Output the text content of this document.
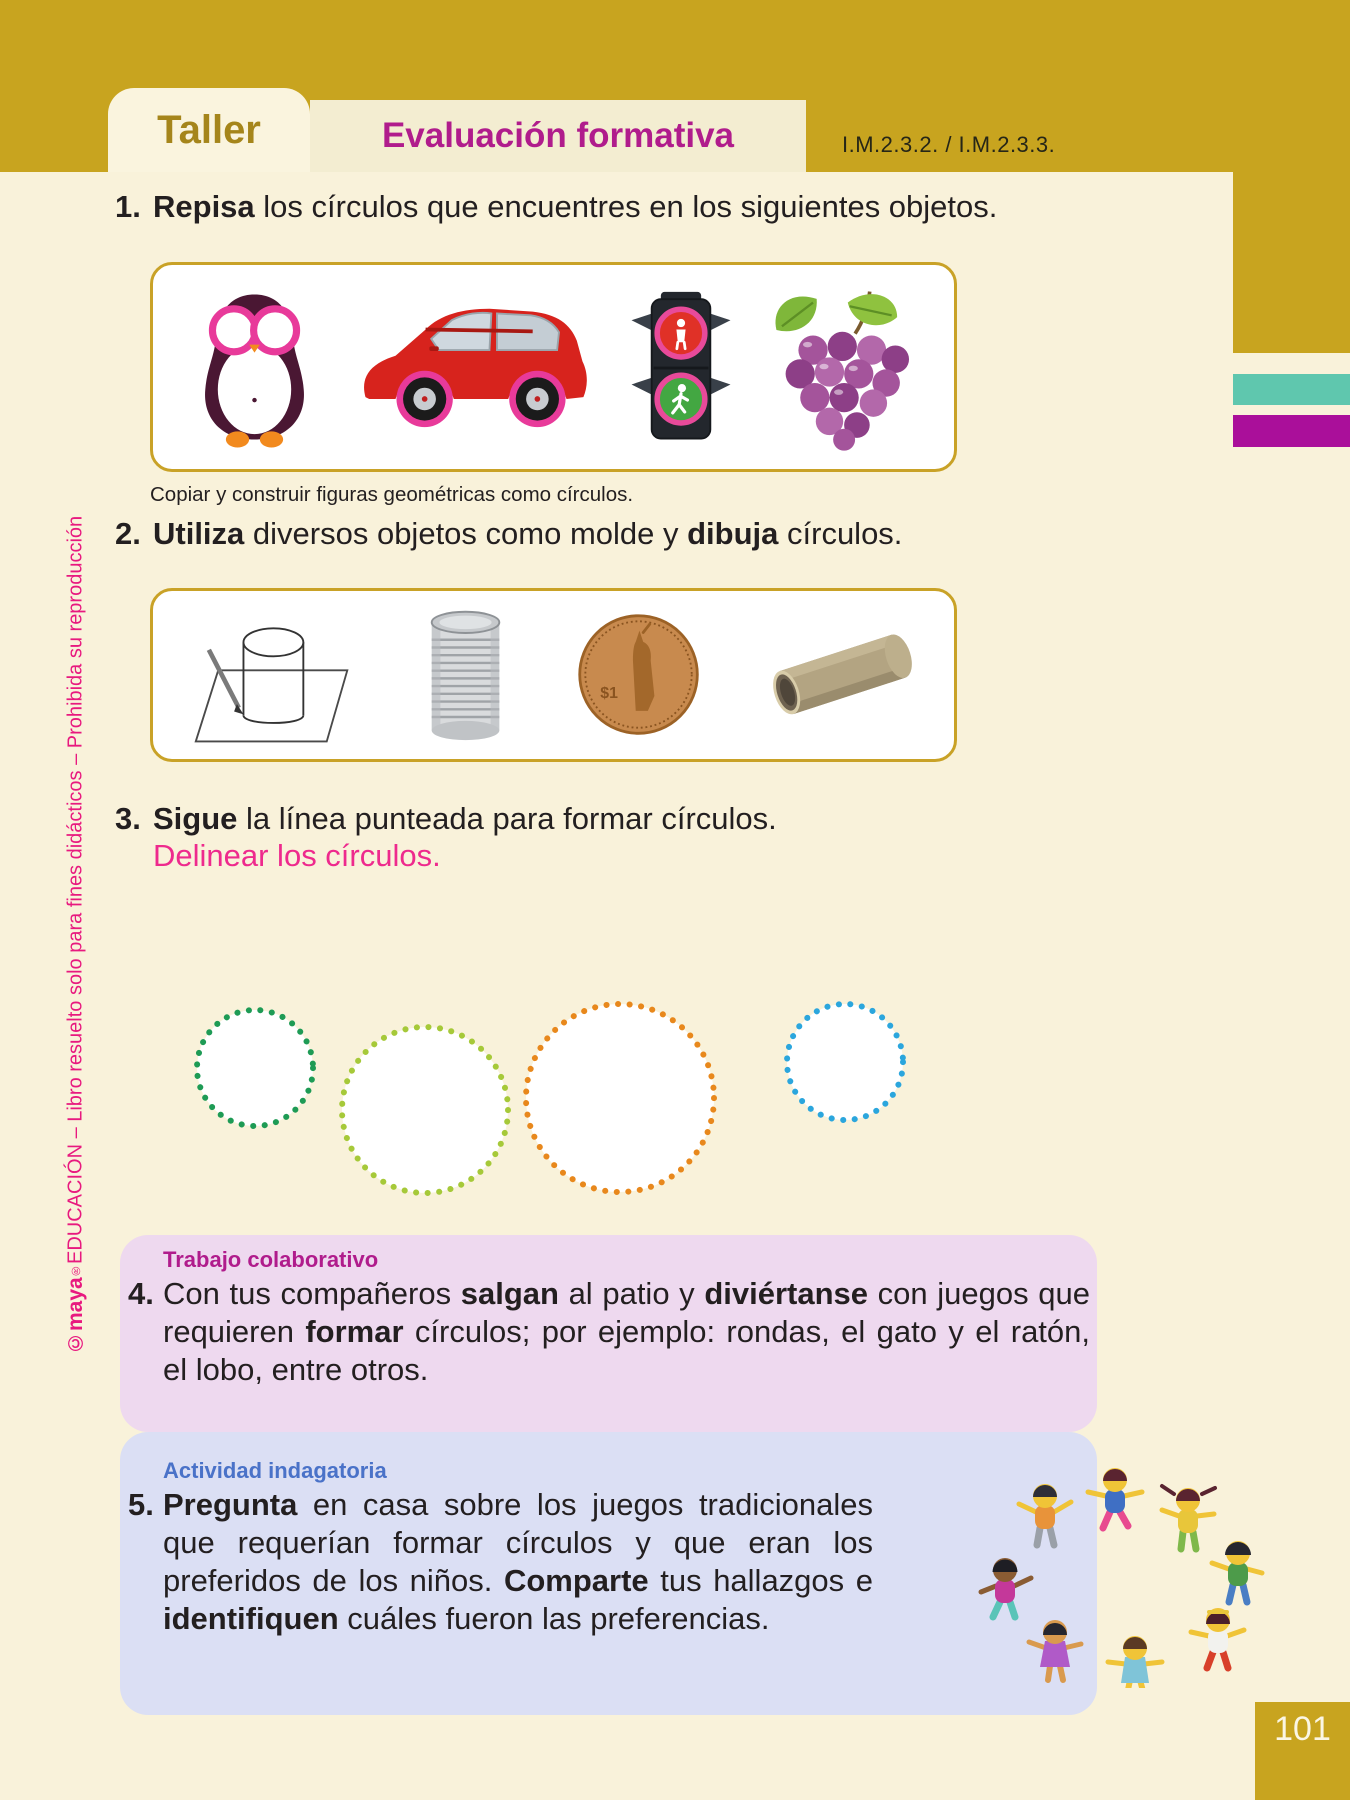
Taller	Evaluación formativa	I.M.2.3.2. / I.M.2.3.3.
©maya
®
EDUCACIÓN – Libro resuelto solo para fines didácticos – Prohibida su reproducción
1. Repisa los círculos que encuentres en los siguientes objetos.
Copiar y construir figuras geométricas como círculos.
2. Utiliza diversos objetos como molde y dibuja círculos.
$1
3. Sigue la línea punteada para formar círculos.
Delinear los círculos.
Trabajo colaborativo
4. Con tus compañeros salgan al patio y diviértanse con juegos que requieren formar círculos; por ejemplo: rondas, el gato y el ratón, el lobo, entre otros.
Actividad indagatoria
5. Pregunta en casa sobre los juegos tradicionales que requerían formar círculos y que eran los preferidos de los niños. Comparte tus hallazgos e identifiquen cuáles fueron las preferencias.
101
